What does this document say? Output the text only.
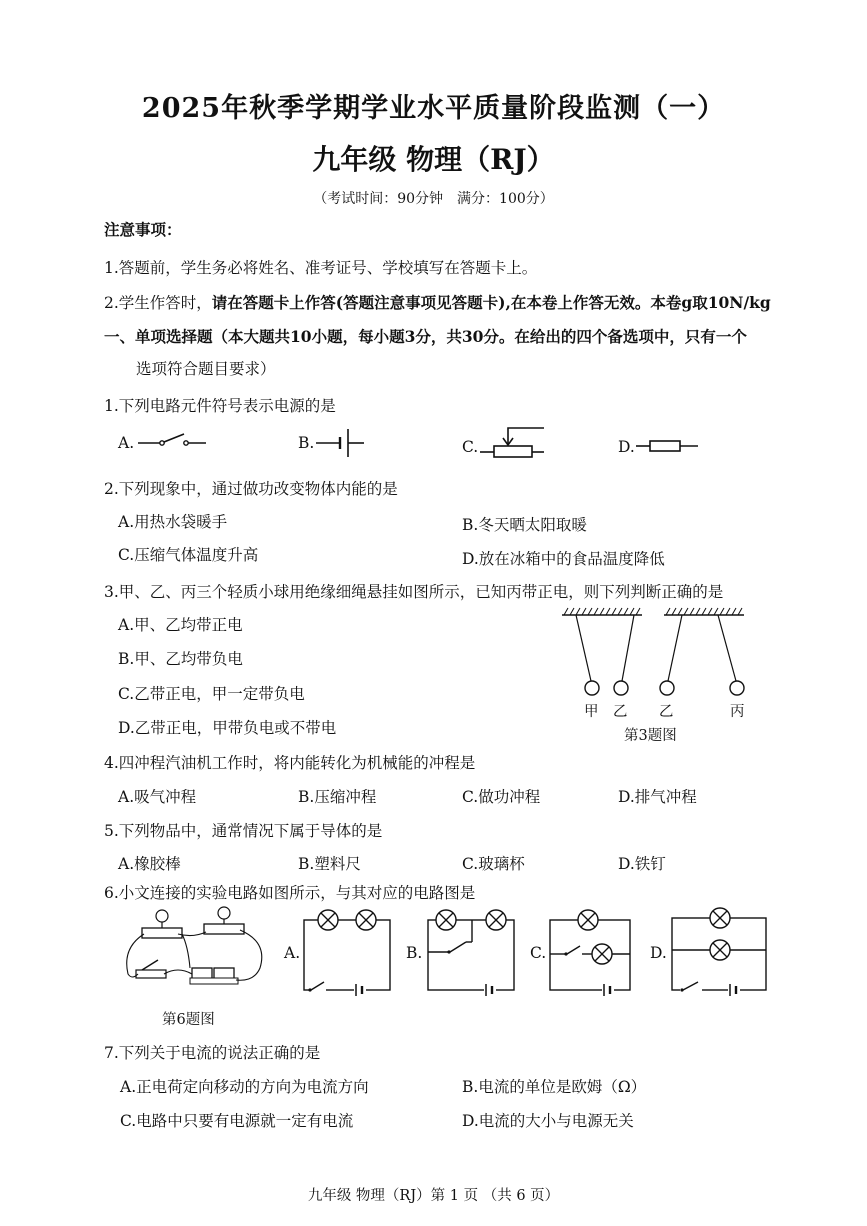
2025年秋季学期学业水平质量阶段监测（一）
九年级 物理（RJ）
（考试时间：90分钟　满分：100分）
注意事项：
1.答题前，学生务必将姓名、准考证号、学校填写在答题卡上。
2.学生作答时，请在答题卡上作答(答题注意事项见答题卡),在本卷上作答无效。本卷g取10N/kg
一、单项选择题（本大题共10小题，每小题3分，共30分。在给出的四个备选项中，只有一个
选项符合题目要求）
1.下列电路元件符号表示电源的是
A.	B.	C.	D.
2.下列现象中，通过做功改变物体内能的是
A.用热水袋暖手	B.冬天晒太阳取暖
C.压缩气体温度升高	D.放在冰箱中的食品温度降低
3.甲、乙、丙三个轻质小球用绝缘细绳悬挂如图所示，已知丙带正电，则下列判断正确的是
A.甲、乙均带正电
B.甲、乙均带负电
C.乙带正电，甲一定带负电
D.乙带正电，甲带负电或不带电
甲 乙 乙	丙
第3题图
4.四冲程汽油机工作时，将内能转化为机械能的冲程是
A.吸气冲程	B.压缩冲程	C.做功冲程	D.排气冲程
5.下列物品中，通常情况下属于导体的是
A.橡胶棒	B.塑料尺	C.玻璃杯	D.铁钉
6.小文连接的实验电路如图所示，与其对应的电路图是
第6题图
A.	B.	C.	D.
7.下列关于电流的说法正确的是
A.正电荷定向移动的方向为电流方向	B.电流的单位是欧姆（Ω）
C.电路中只要有电源就一定有电流	D.电流的大小与电源无关
九年级 物理（RJ）第 1 页 （共 6 页）
